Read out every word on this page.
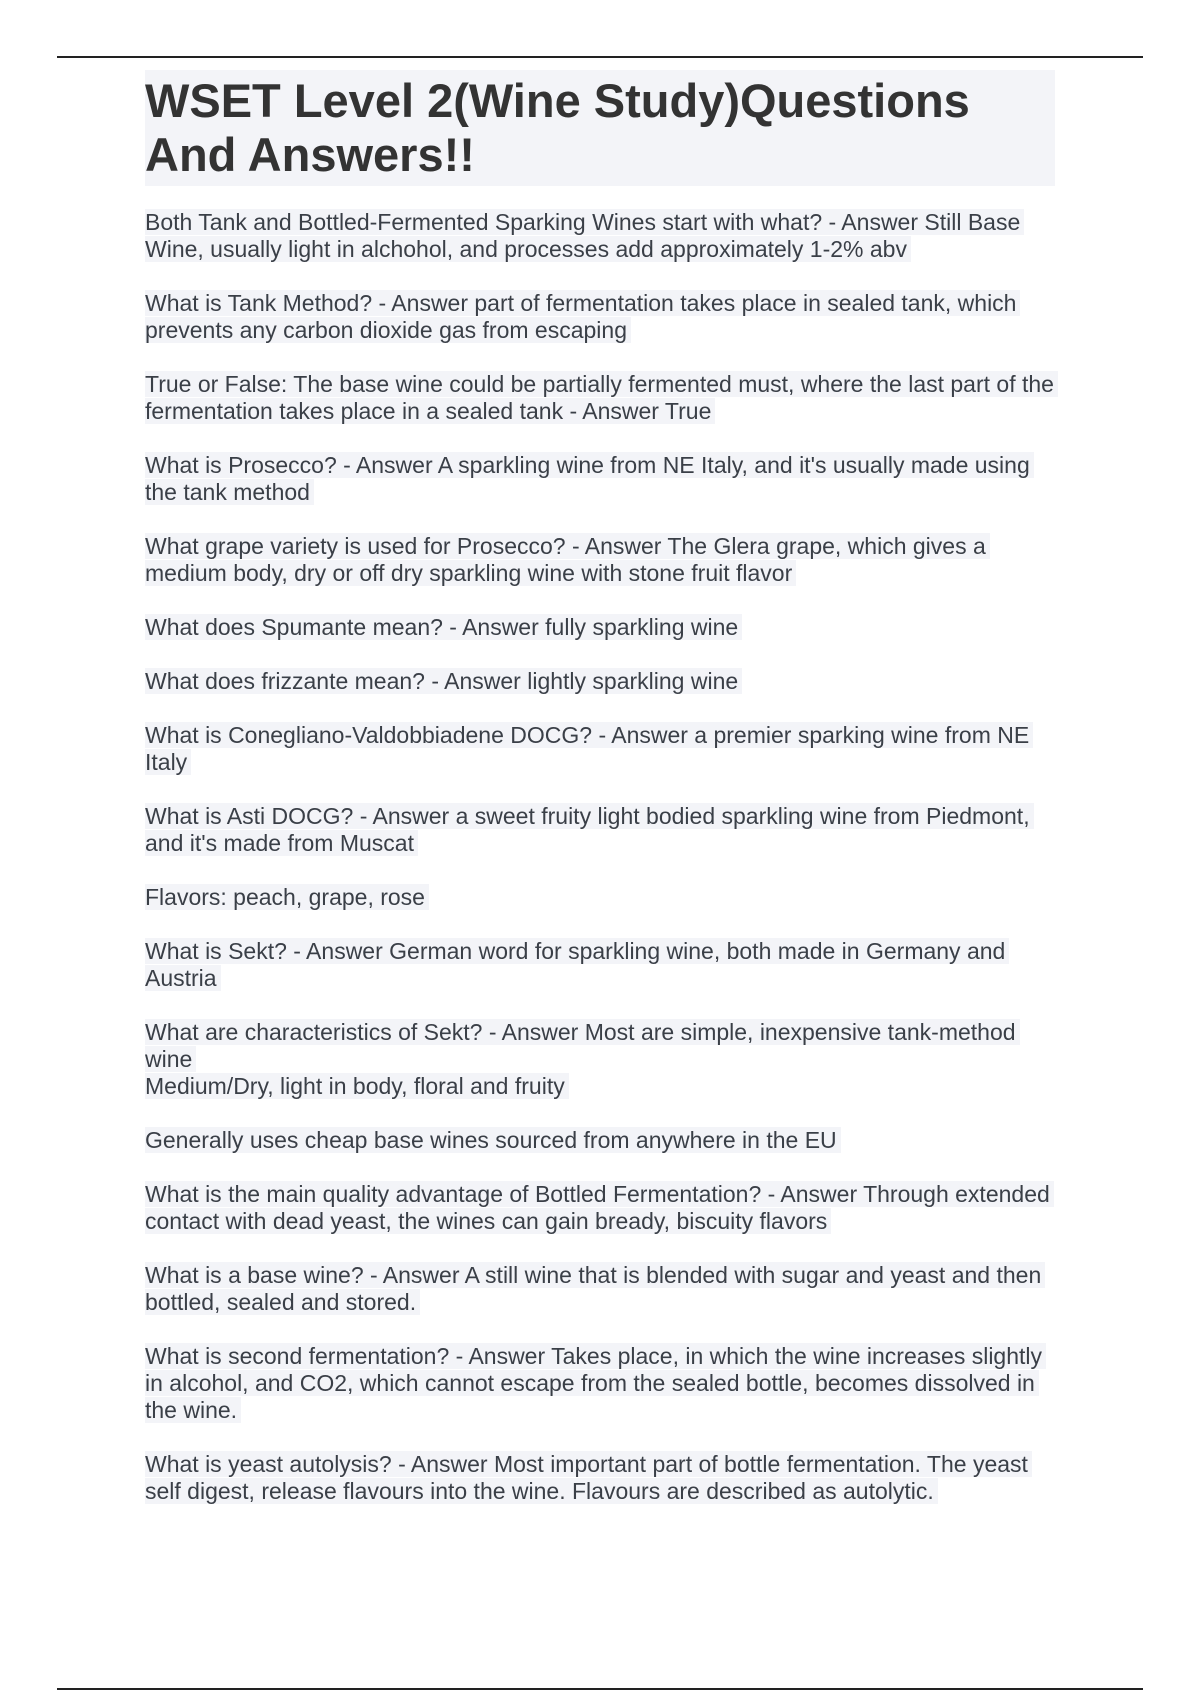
WSET Level 2(Wine Study)Questions And Answers!!
Both Tank and Bottled-Fermented Sparking Wines start with what? - Answer Still Base Wine, usually light in alchohol, and processes add approximately 1-2% abv
What is Tank Method? - Answer part of fermentation takes place in sealed tank, which prevents any carbon dioxide gas from escaping
True or False: The base wine could be partially fermented must, where the last part of the fermentation takes place in a sealed tank - Answer True
What is Prosecco? - Answer A sparkling wine from NE Italy, and it's usually made using the tank method
What grape variety is used for Prosecco? - Answer The Glera grape, which gives a medium body, dry or off dry sparkling wine with stone fruit flavor
What does Spumante mean? - Answer fully sparkling wine
What does frizzante mean? - Answer lightly sparkling wine
What is Conegliano-Valdobbiadene DOCG? - Answer a premier sparking wine from NE Italy
What is Asti DOCG? - Answer a sweet fruity light bodied sparkling wine from Piedmont, and it's made from Muscat
Flavors: peach, grape, rose
What is Sekt? - Answer German word for sparkling wine, both made in Germany and Austria
What are characteristics of Sekt? - Answer Most are simple, inexpensive tank-method wine
Medium/Dry, light in body, floral and fruity
Generally uses cheap base wines sourced from anywhere in the EU
What is the main quality advantage of Bottled Fermentation? - Answer Through extended contact with dead yeast, the wines can gain bready, biscuity flavors
What is a base wine? - Answer A still wine that is blended with sugar and yeast and then bottled, sealed and stored.
What is second fermentation? - Answer Takes place, in which the wine increases slightly in alcohol, and CO2, which cannot escape from the sealed bottle, becomes dissolved in the wine.
What is yeast autolysis? - Answer Most important part of bottle fermentation. The yeast self digest, release flavours into the wine. Flavours are described as autolytic.
